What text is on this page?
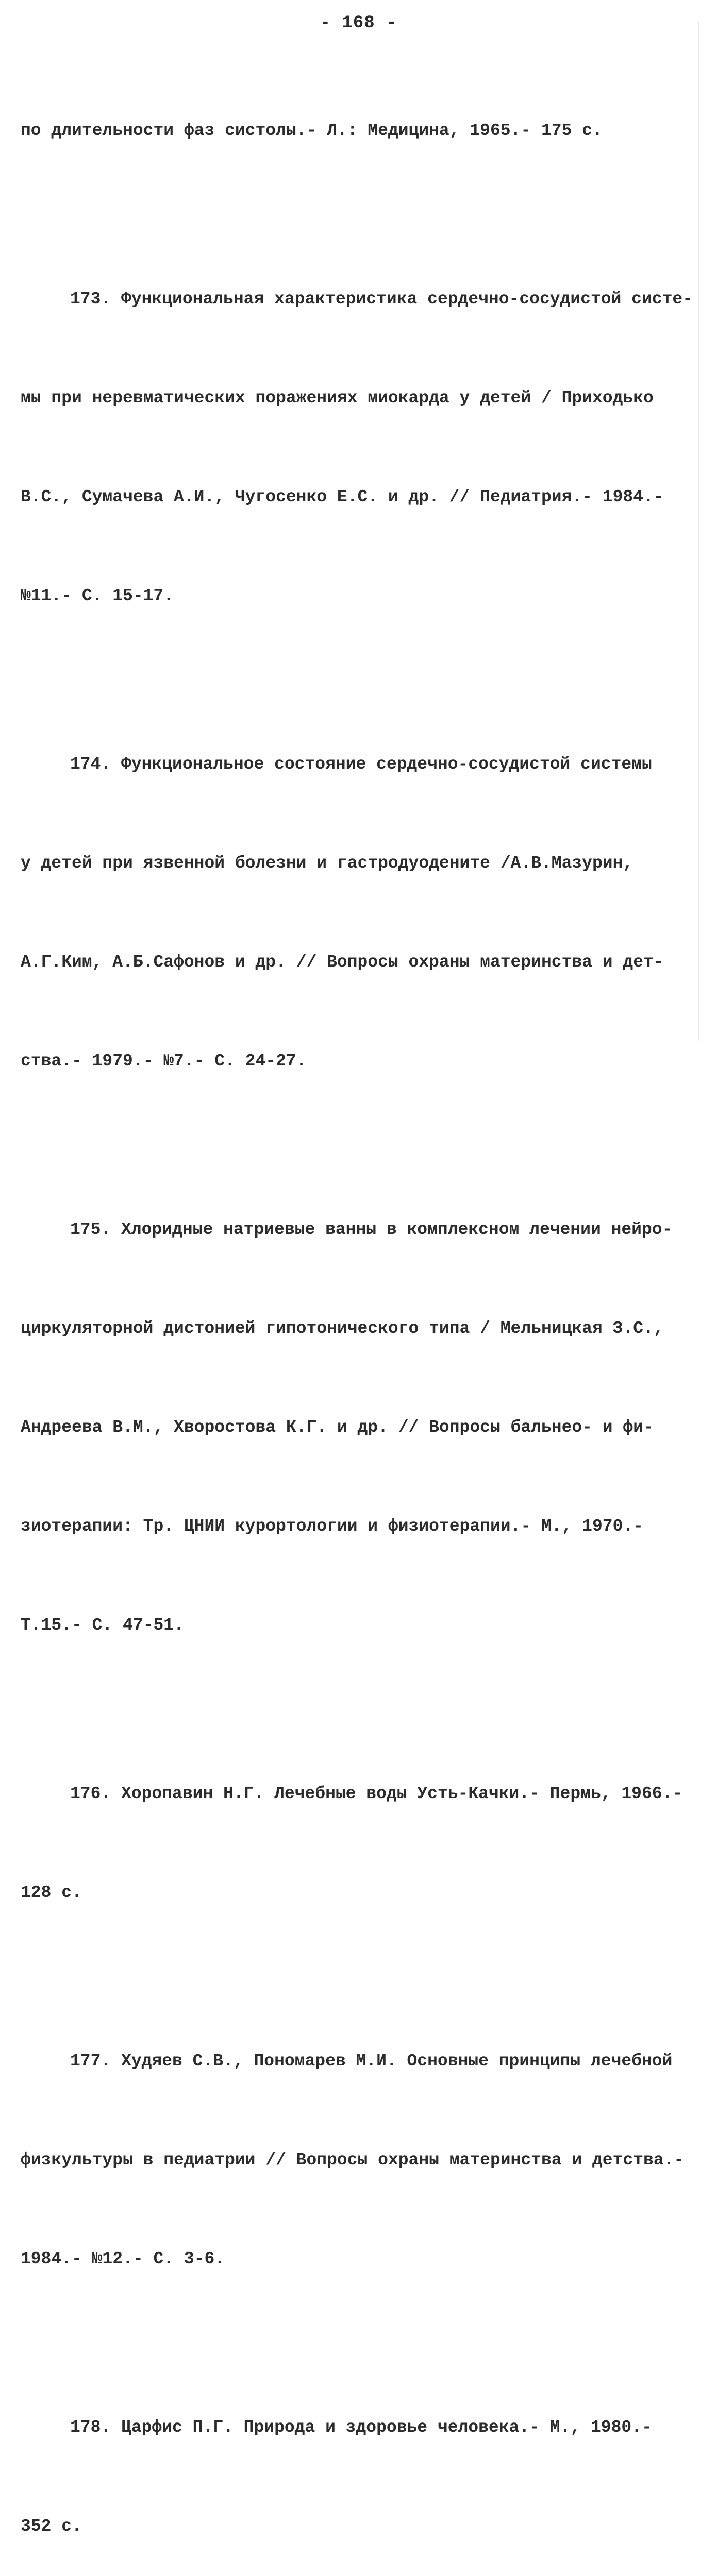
- 168 -

по длительности фаз систолы.- Л.: Медицина, 1965.- 175 с.

173. Функциональная характеристика сердечно-сосудистой систе-

мы при неревматических поражениях миокарда у детей / Приходько

В.С., Сумачева А.И., Чугосенко Е.С. и др. // Педиатрия.- 1984.-

№11.- С. 15-17.

174. Функциональное состояние сердечно-сосудистой системы

у детей при язвенной болезни и гастродуодените /А.В.Мазурин,

А.Г.Ким, А.Б.Сафонов и др. // Вопросы охраны материнства и дет-

ства.- 1979.- №7.- С. 24-27.

175. Хлоридные натриевые ванны в комплексном лечении нейро-

циркуляторной дистонией гипотонического типа / Мельницкая З.С.,

Андреева В.М., Хворостова К.Г. и др. // Вопросы бальнео- и фи-

зиотерапии: Тр. ЦНИИ курортологии и физиотерапии.- М., 1970.-

Т.15.- С. 47-51.

176. Хоропавин Н.Г. Лечебные воды Усть-Качки.- Пермь, 1966.-

128 с.

177. Худяев С.В., Пономарев М.И. Основные принципы лечебной

физкультуры в педиатрии // Вопросы охраны материнства и детства.-

1984.- №12.- С. 3-6.

178. Царфис П.Г. Природа и здоровье человека.- М., 1980.-

352 с.
